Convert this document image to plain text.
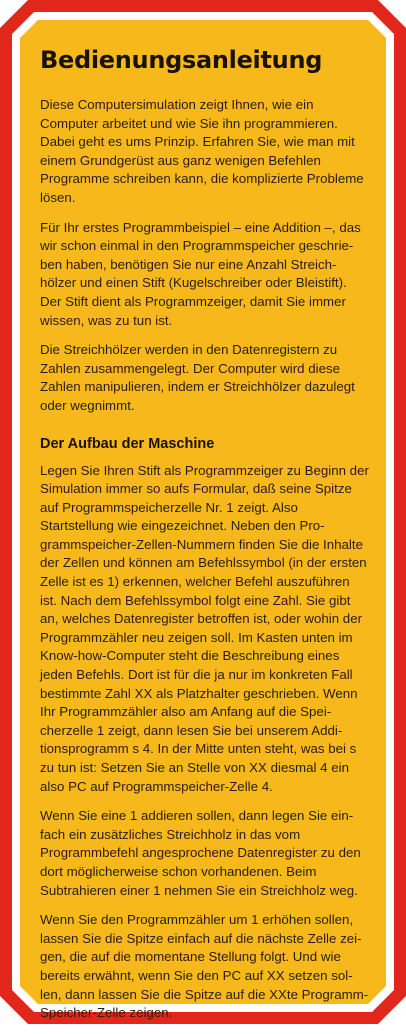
Bedienungsanleitung

Diese Computersimulation zeigt Ihnen, wie ein Computer arbeitet und wie Sie ihn programmieren. Dabei geht es ums Prinzip. Erfahren Sie, wie man mit einem Grundgerüst aus ganz wenigen Befehlen Programme schreiben kann, die komplizierte Probleme lösen.

Für Ihr erstes Programmbeispiel – eine Addition –, das wir schon einmal in den Programmspeicher geschrie-ben haben, benötigen Sie nur eine Anzahl Streich-hölzer und einen Stift (Kugelschreiber oder Bleistift). Der Stift dient als Programmzeiger, damit Sie immer wissen, was zu tun ist.

Die Streichhölzer werden in den Datenregistern zu Zahlen zusammengelegt. Der Computer wird diese Zahlen manipulieren, indem er Streichhölzer dazulegt oder wegnimmt.

Der Aufbau der Maschine

Legen Sie Ihren Stift als Programmzeiger zu Beginn der Simulation immer so aufs Formular, daß seine Spitze auf Programmspeicherzelle Nr. 1 zeigt. Also Startstellung wie eingezeichnet. Neben den Pro-grammspeicher-Zellen-Nummern finden Sie die Inhalte der Zellen und können am Befehlssymbol (in der ersten Zelle ist es 1) erkennen, welcher Befehl auszuführen ist. Nach dem Befehlssymbol folgt eine Zahl. Sie gibt an, welches Datenregister betroffen ist, oder wohin der Programmzähler neu zeigen soll. Im Kasten unten im Know-how-Computer steht die Beschreibung eines jeden Befehls. Dort ist für die ja nur im konkreten Fall bestimmte Zahl XX als Platzhalter geschrieben. Wenn Ihr Programmzähler also am Anfang auf die Spei-cherzelle 1 zeigt, dann lesen Sie bei unserem Addi-tionsprogramm s 4. In der Mitte unten steht, was bei s zu tun ist: Setzen Sie an Stelle von XX diesmal 4 ein also PC auf Programmspeicher-Zelle 4.

Wenn Sie eine 1 addieren sollen, dann legen Sie ein-fach ein zusätzliches Streichholz in das vom Programmbefehl angesprochene Datenregister zu den dort möglicherweise schon vorhandenen. Beim Subtrahieren einer 1 nehmen Sie ein Streichholz weg.

Wenn Sie den Programmzähler um 1 erhöhen sollen, lassen Sie die Spitze einfach auf die nächste Zelle zei-gen, die auf die momentane Stellung folgt. Und wie bereits erwähnt, wenn Sie den PC auf XX setzen sol-len, dann lassen Sie die Spitze auf die XXte Programm-Speicher-Zelle zeigen.
